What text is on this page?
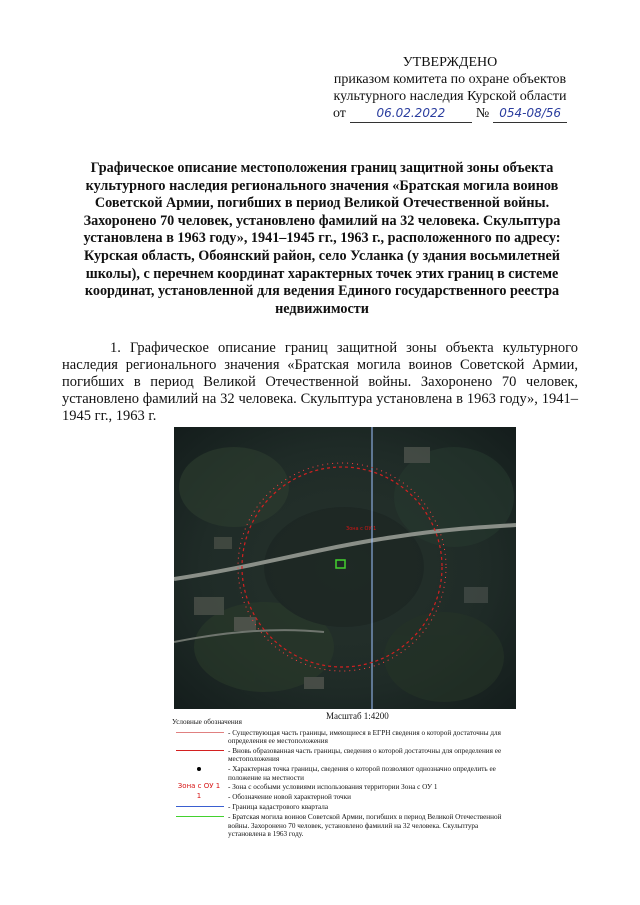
УТВЕРЖДЕНО
приказом комитета по охране объектов
культурного наследия Курской области
от	06.02.2022	№ 054-08/56
Графическое описание местоположения границ защитной зоны объекта культурного наследия регионального значения «Братская могила воинов Советской Армии, погибших в период Великой Отечественной войны. Захоронено 70 человек, установлено фамилий на 32 человека. Скульптура установлена в 1963 году», 1941–1945 гг., 1963 г., расположенного по адресу: Курская область, Обоянский район, село Усланка (у здания восьмилетней школы), с перечнем координат характерных точек этих границ в системе координат, установленной для ведения Единого государственного реестра недвижимости
1. Графическое описание границ защитной зоны объекта культурного наследия регионального значения «Братская могила воинов Советской Армии, погибших в период Великой Отечественной войны. Захоронено 70 человек, установлено фамилий на 32 человека. Скульптура установлена в 1963 году», 1941–1945 гг., 1963 г.
Зона с ОУ 1
Масштаб 1:4200
Условные обозначения
- Существующая часть границы, имеющиеся в ЕГРН сведения о которой достаточны для определения ее местоположения
- Вновь образованная часть границы, сведения о которой достаточны для определения ее местоположения
- Характерная точка границы, сведения о которой позволяют однозначно определить ее положение на местности
Зона с ОУ 1	- Зона с особыми условиями использования территории Зона с ОУ 1
1	- Обозначение новой характерной точки
- Граница кадастрового квартала
- Братская могила воинов Советской Армии, погибших в период Великой Отечественной войны. Захоронено 70 человек, установлено фамилий на 32 человека. Скульптура установлена в 1963 году.
